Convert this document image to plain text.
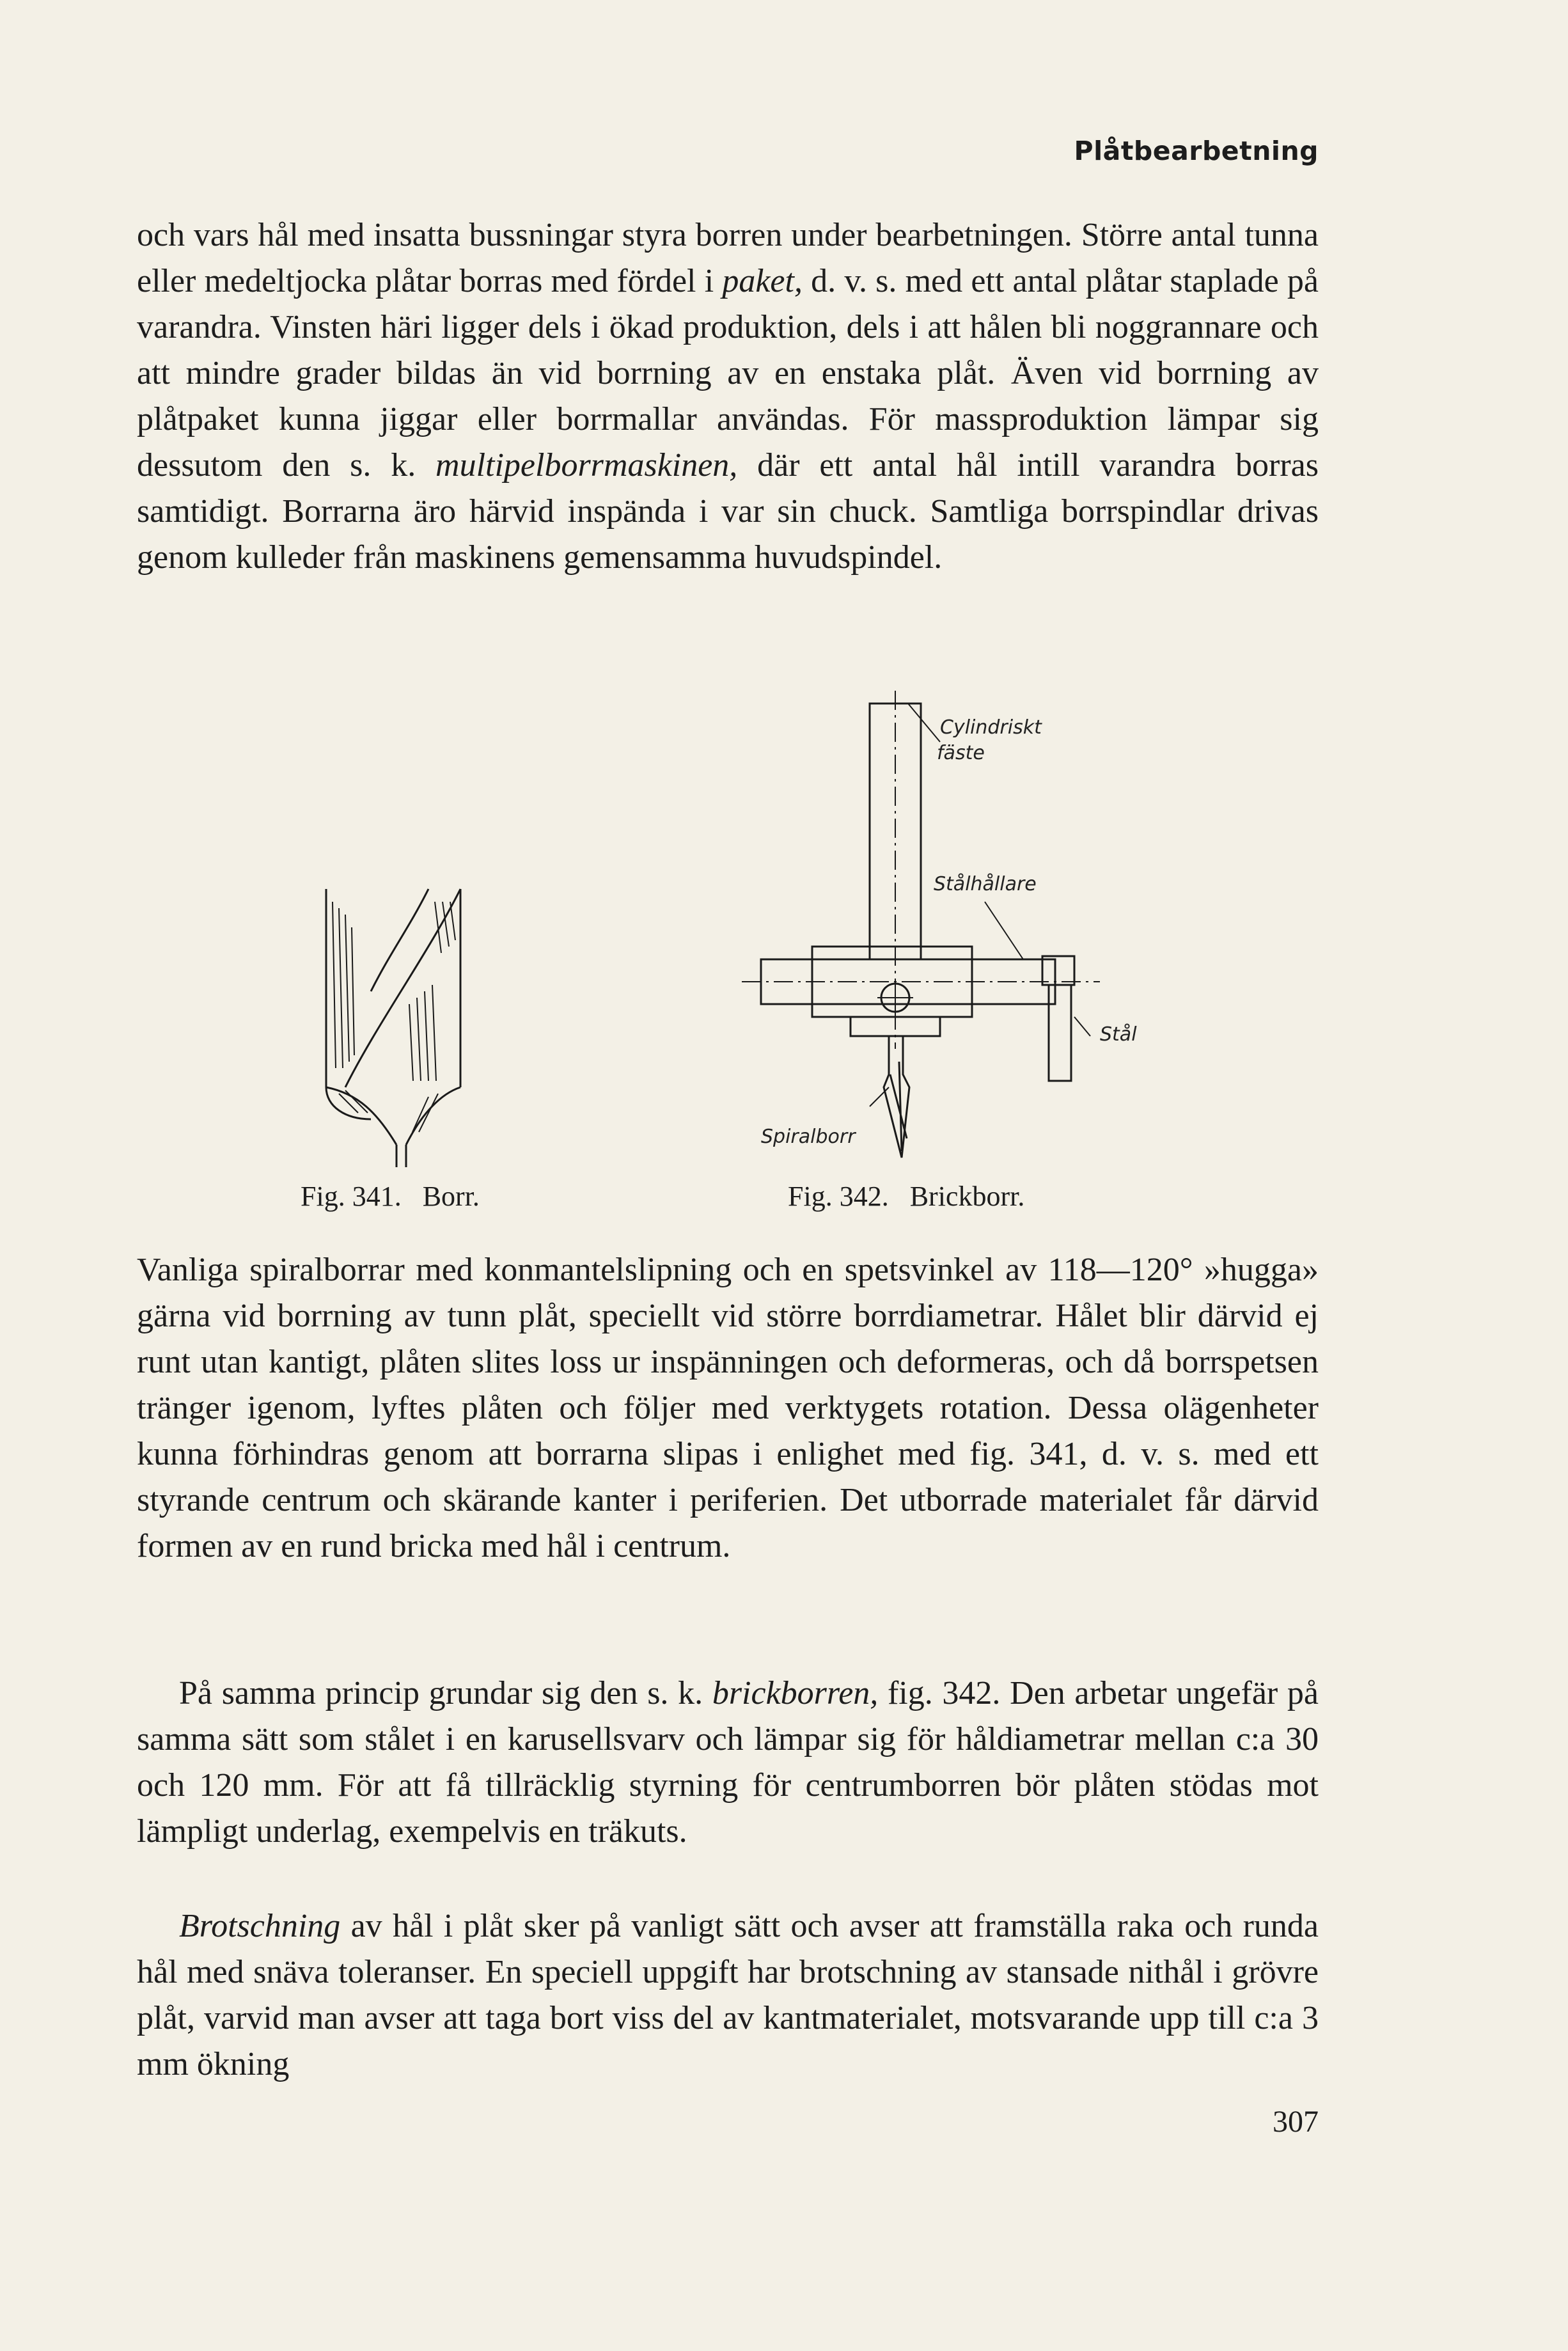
Plåtbearbetning

och vars hål med insatta bussningar styra borren under bearbetningen. Större antal tunna eller medeltjocka plåtar borras med fördel i paket, d. v. s. med ett antal plåtar staplade på varandra. Vinsten häri ligger dels i ökad produktion, dels i att hålen bli noggrannare och att mindre grader bildas än vid borrning av en enstaka plåt. Även vid borrning av plåtpaket kunna jiggar eller borrmallar användas. För massproduktion lämpar sig dessutom den s. k. multipelborrmaskinen, där ett antal hål intill varandra borras samtidigt. Borrarna äro härvid inspända i var sin chuck. Samtliga borrspindlar drivas genom kulleder från maskinens gemensamma huvudspindel.

Cylindriskt
fäste
Stålhållare
Stål
Spiralborr
Fig. 341.   Borr.	Fig. 342.   Brickborr.

Vanliga spiralborrar med konmantelslipning och en spetsvinkel av 118—120° »hugga» gärna vid borrning av tunn plåt, speciellt vid större borrdiametrar. Hålet blir därvid ej runt utan kantigt, plåten slites loss ur inspänningen och deformeras, och då borrspetsen tränger igenom, lyftes plåten och följer med verktygets rotation. Dessa olägenheter kunna förhindras genom att borrarna slipas i enlighet med fig. 341, d. v. s. med ett styrande centrum och skärande kanter i periferien. Det utborrade materialet får därvid formen av en rund bricka med hål i centrum.

På samma princip grundar sig den s. k. brickborren, fig. 342. Den arbetar ungefär på samma sätt som stålet i en karusellsvarv och lämpar sig för håldiametrar mellan c:a 30 och 120 mm. För att få tillräcklig styrning för centrumborren bör plåten stödas mot lämpligt underlag, exempelvis en träkuts.

Brotschning av hål i plåt sker på vanligt sätt och avser att framställa raka och runda hål med snäva toleranser. En speciell uppgift har brotschning av stansade nithål i grövre plåt, varvid man avser att taga bort viss del av kantmaterialet, motsvarande upp till c:a 3 mm ökning

307
